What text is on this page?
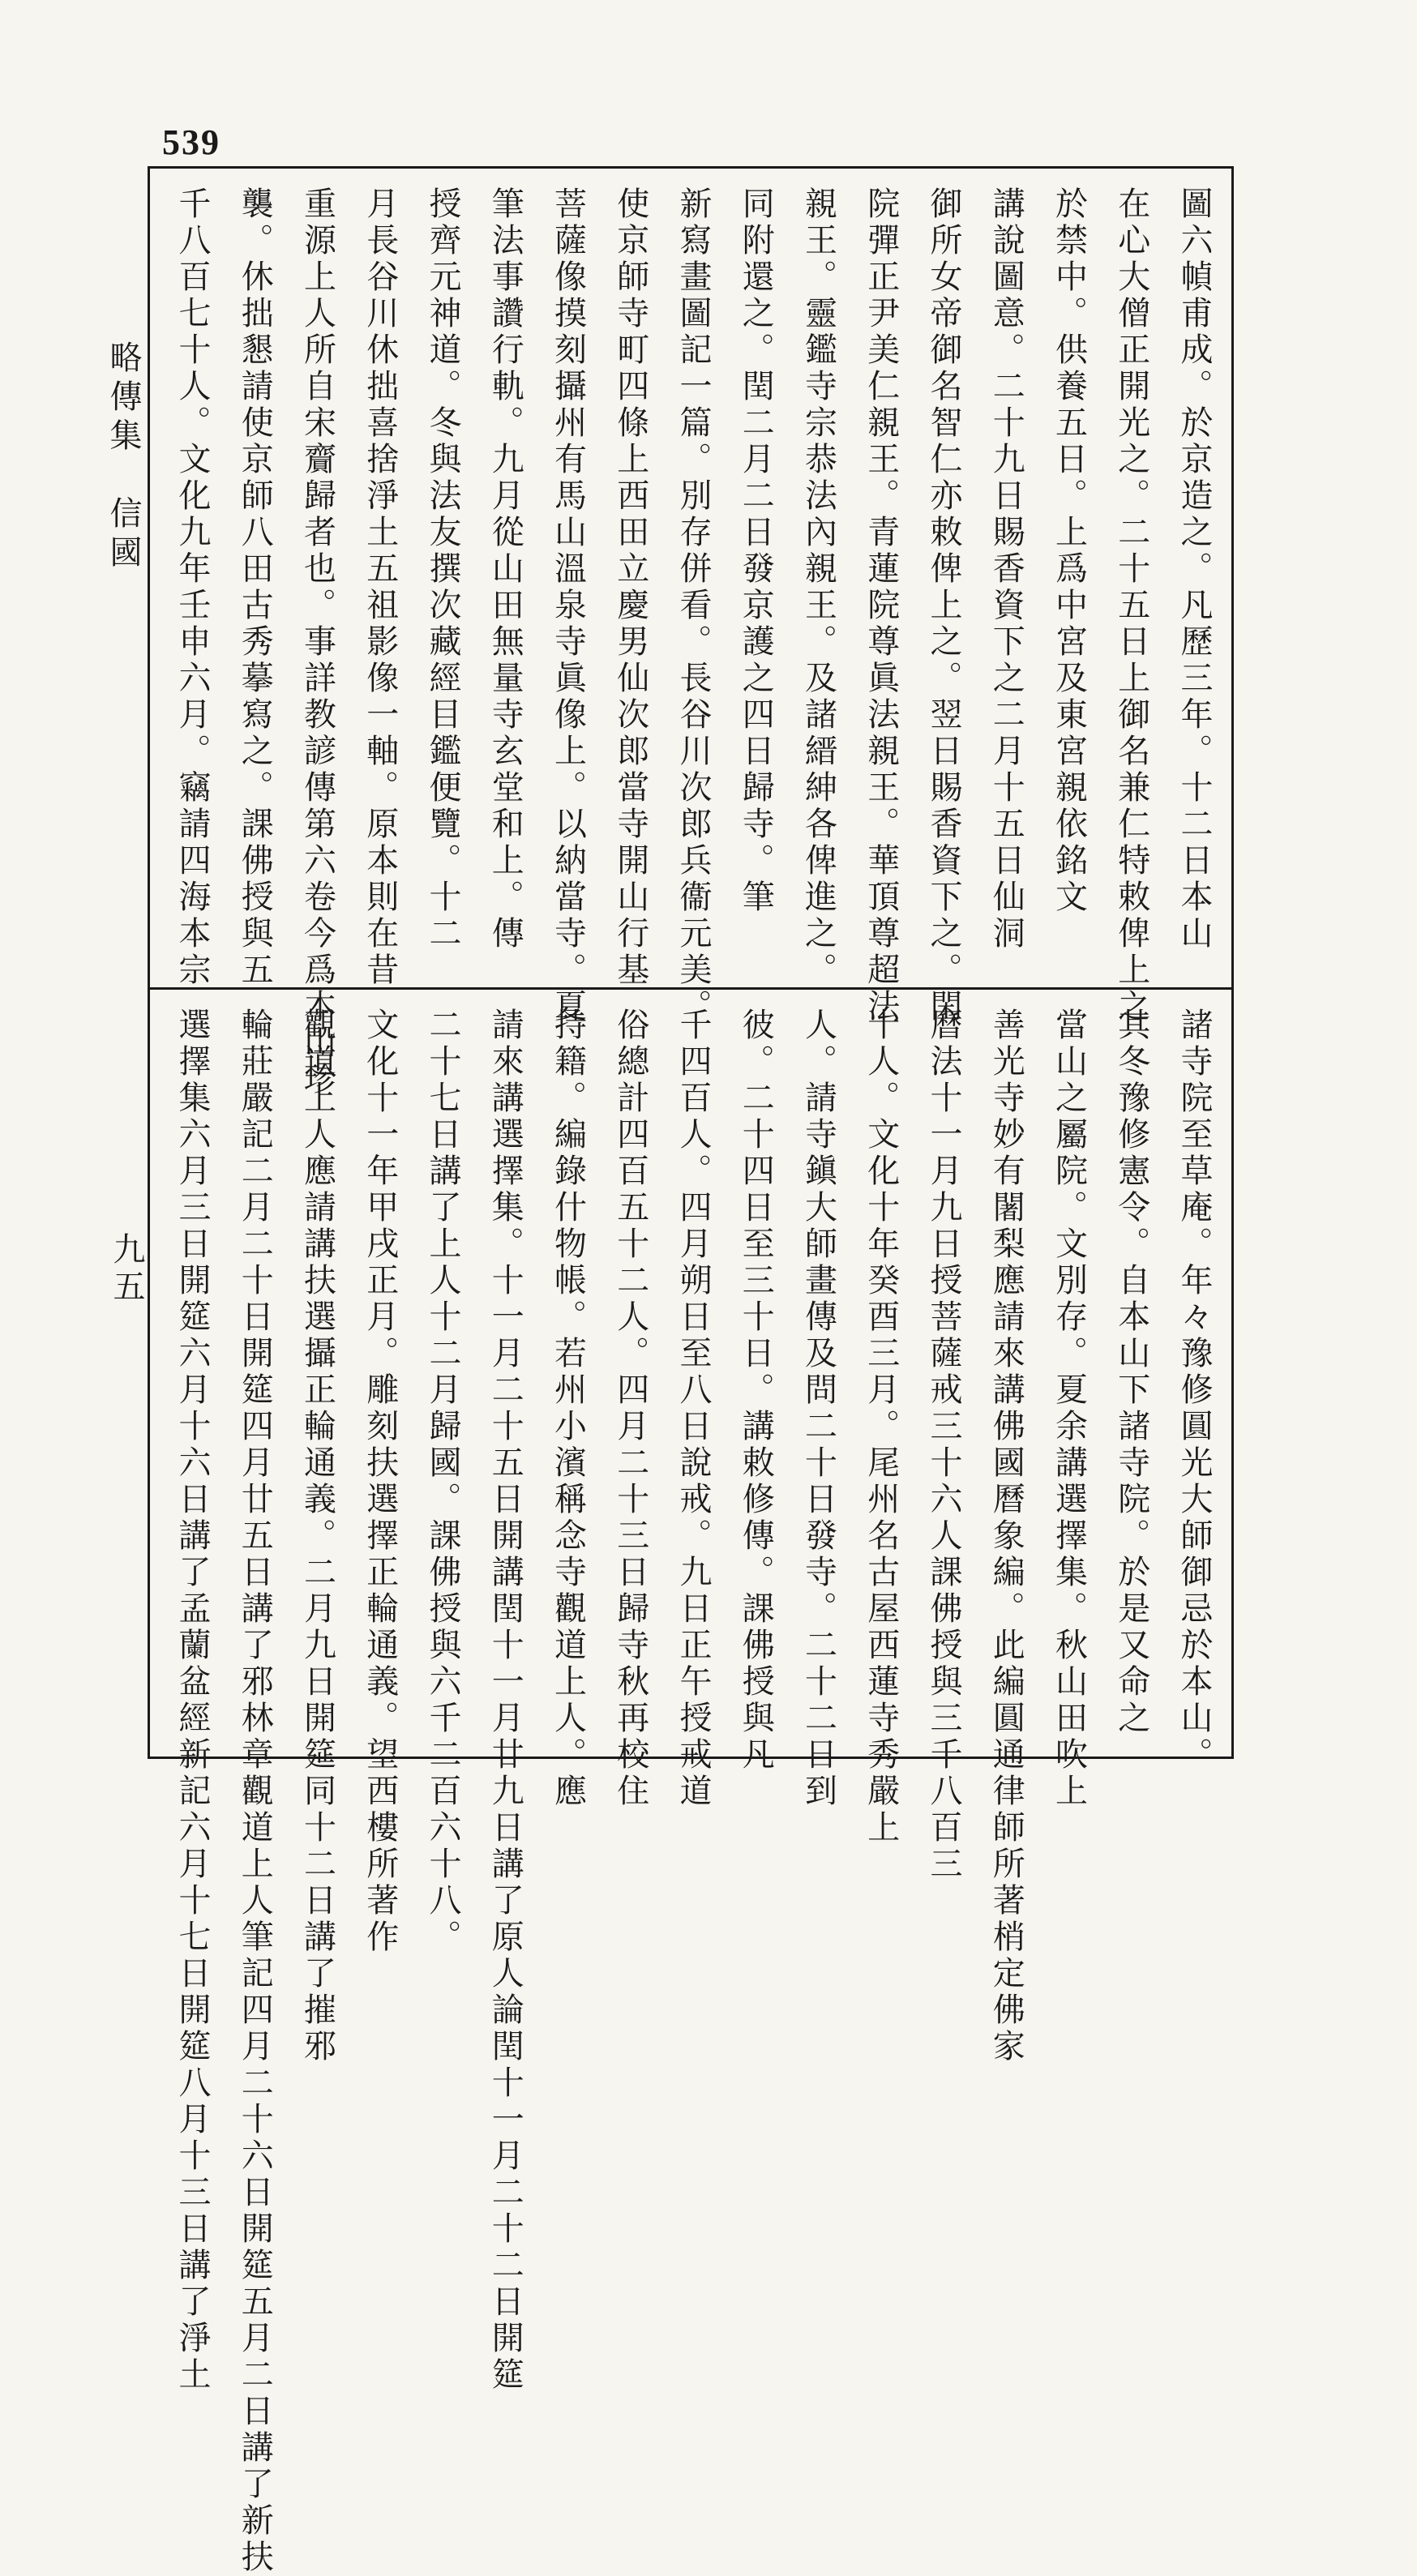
539
略傳集　信國
九五
圖六幀甫成。於京造之。凡歷三年。十二日本山
在心大僧正開光之。二十五日上御名兼仁特敕俾上之
於禁中。供養五日。上爲中宮及東宮親依銘文
講說圖意。二十九日賜香資下之二月十五日仙洞
御所女帝御名智仁亦敕俾上之。翌日賜香資下之。閑
院彈正尹美仁親王。青蓮院尊眞法親王。華頂尊超法
親王。靈鑑寺宗恭法內親王。及諸縉紳各俾進之。
同附還之。閏二月二日發京護之四日歸寺。筆
新寫畫圖記一篇。別存併看。長谷川次郎兵衞元美。
使京師寺町四條上西田立慶男仙次郎當寺開山行基
菩薩像摸刻攝州有馬山溫泉寺眞像上。以納當寺。夏
筆法事讚行軌。九月從山田無量寺玄堂和上。傳
授齊元神道。冬與法友撰次藏經目鑑便覽。十二
月長谷川休拙喜捨淨土五祖影像一軸。原本則在昔
重源上人所自宋齎歸者也。事詳教諺傳第六卷今爲本山珍
襲。休拙懇請使京師八田古秀摹寫之。課佛授與五
千八百七十人。文化九年壬申六月。竊請四海本宗
諸寺院至草庵。年々豫修圓光大師御忌於本山。
其冬豫修憲令。自本山下諸寺院。於是又命之
當山之屬院。文別存。夏余講選擇集。秋山田吹上
善光寺妙有闍梨應請來講佛國曆象編。此編圓通律師所著梢定佛家
曆法十一月九日授菩薩戒三十六人課佛授與三千八百三
十人。文化十年癸酉三月。尾州名古屋西蓮寺秀嚴上
人。請寺鎭大師畫傳及問二十日發寺。二十二日到
彼。二十四日至三十日。講敕修傳。課佛授與凡
千四百人。四月朔日至八日說戒。九日正午授戒道
俗總計四百五十二人。四月二十三日歸寺秋再校住
持籍。編錄什物帳。若州小濱稱念寺觀道上人。應
請來講選擇集。十一月二十五日開講閏十一月廿九日講了原人論閏十一月二十二日開筵
二十七日講了上人十二月歸國。課佛授與六千二百六十八。
文化十一年甲戌正月。雕刻扶選擇正輪通義。望西樓所著作
觀道上人應請講扶選攝正輪通義。二月九日開筵同十二日講了摧邪
輪莊嚴記二月二十日開筵四月廿五日講了邪林章觀道上人筆記四月二十六日開筵五月二日講了新扶
選擇集六月三日開筵六月十六日講了孟蘭盆經新記六月十七日開筵八月十三日講了淨土
